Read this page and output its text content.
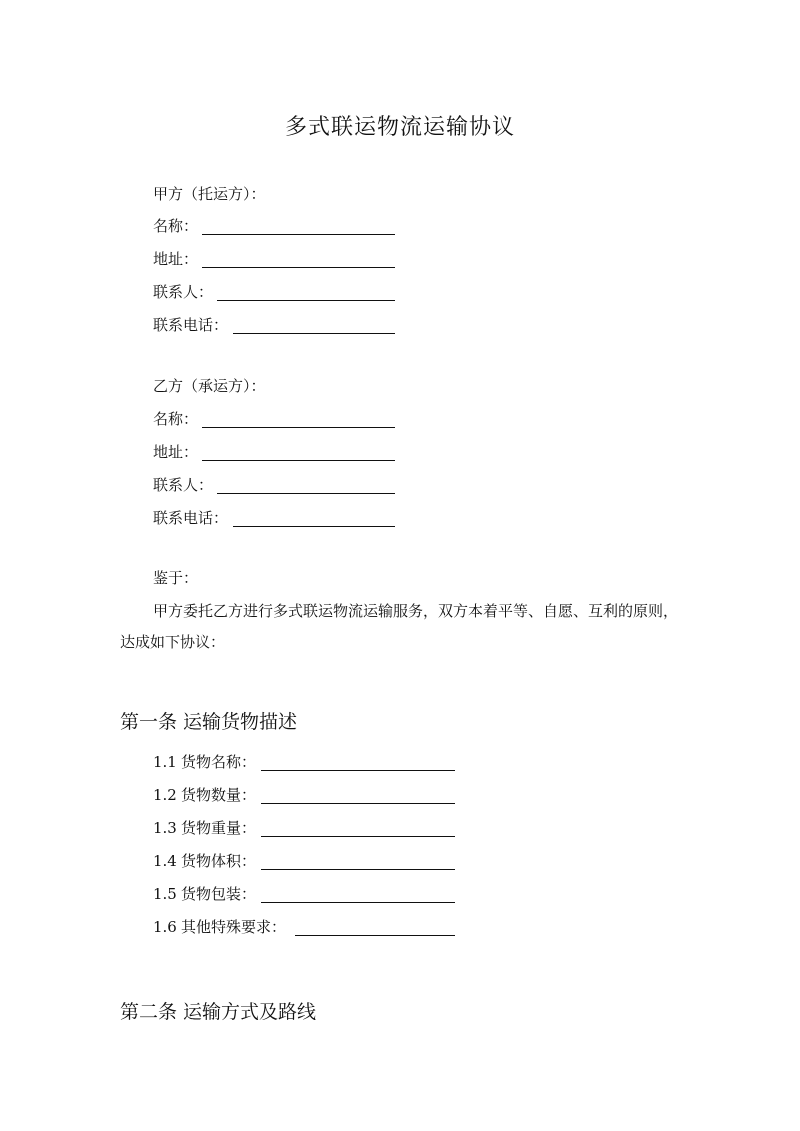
多式联运物流运输协议
甲方（托运方）：
名称：
地址：
联系人：
联系电话：
乙方（承运方）：
名称：
地址：
联系人：
联系电话：
鉴于：
甲方委托乙方进行多式联运物流运输服务，双方本着平等、自愿、互利的原则，达成如下协议：
第一条 运输货物描述
1.1 货物名称：
1.2 货物数量：
1.3 货物重量：
1.4 货物体积：
1.5 货物包装：
1.6 其他特殊要求：
第二条 运输方式及路线
